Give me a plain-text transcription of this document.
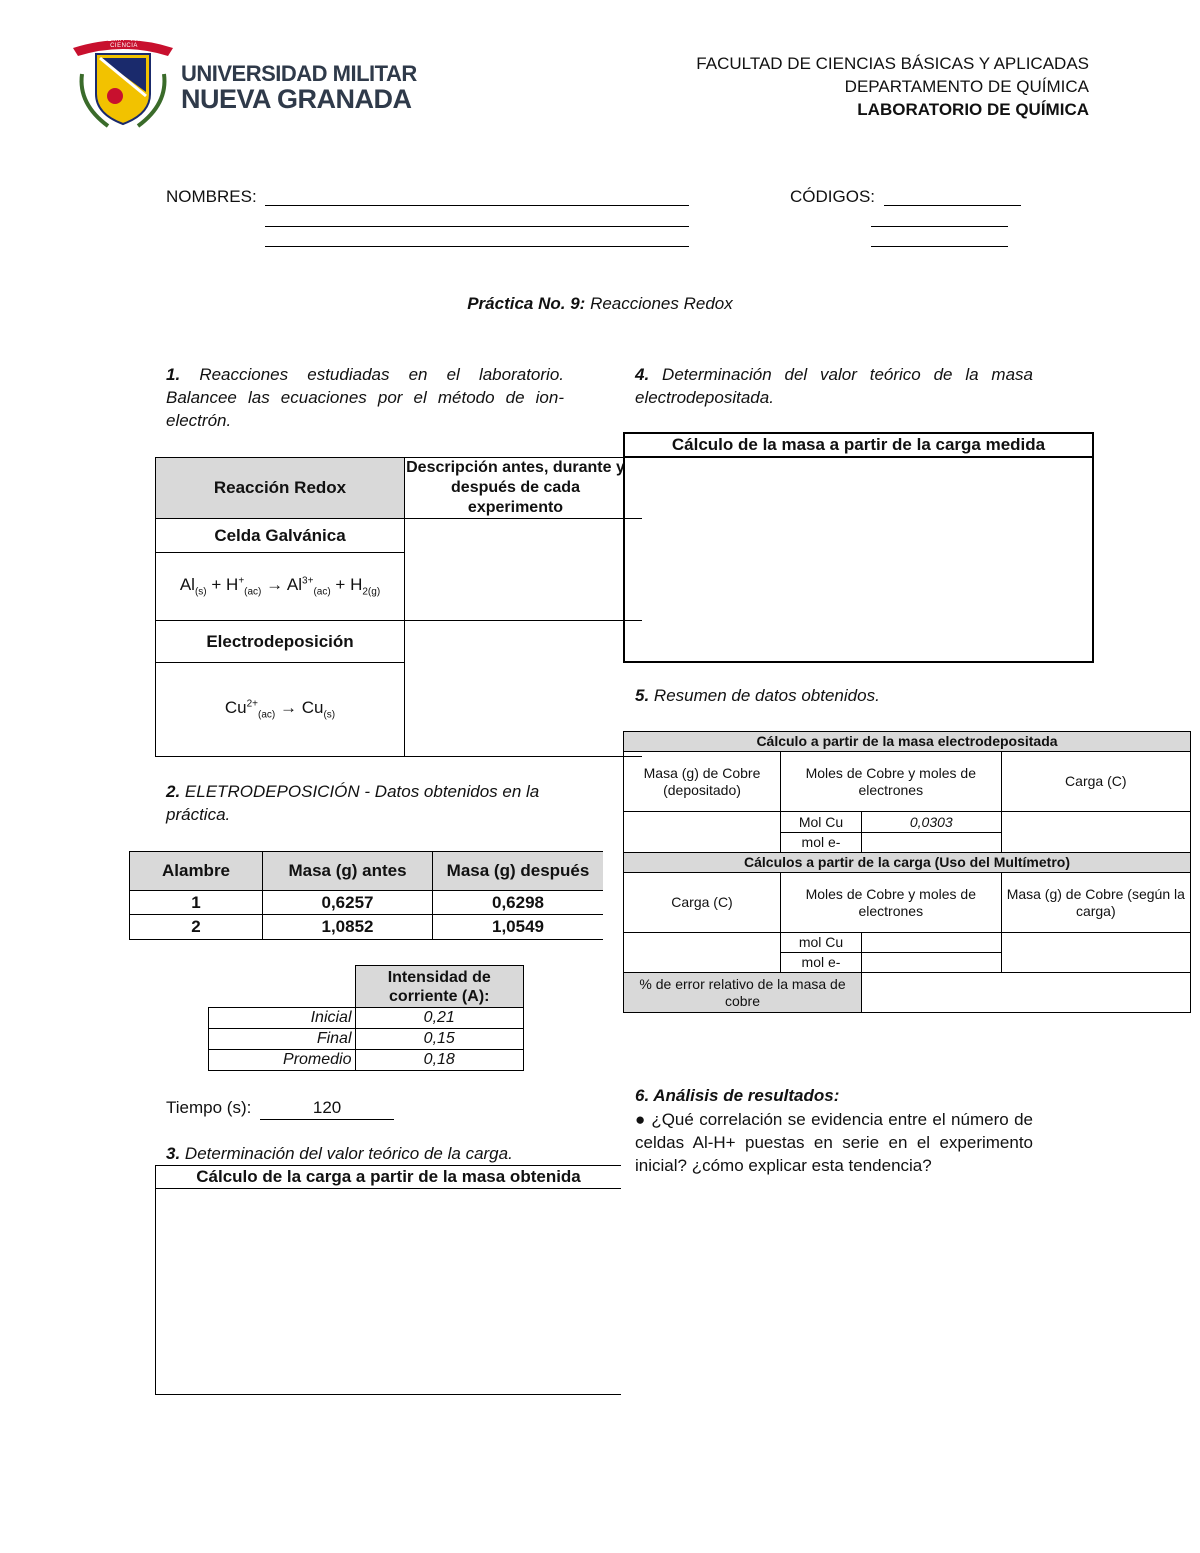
ACADEMIA · PATRIA · CIENCIA
UNIVERSIDAD MILITAR
NUEVA GRANADA
FACULTAD DE CIENCIAS BÁSICAS Y APLICADAS
DEPARTAMENTO DE QUÍMICA
LABORATORIO DE QUÍMICA
NOMBRES:	CÓDIGOS:
Práctica No. 9: Reacciones Redox
1. Reacciones estudiadas en el laboratorio. Balancee las ecuaciones por el método de ion-electrón.
Reacción Redox
Descripción antes, durante y después de cada experimento
Celda Galvánica
$Al_{(s)} + H^+_{(ac)} \to Al^{3+}_{(ac)} + H_{2(g)}$
Electrodeposición
$Cu^{2+}_{(ac)} \to Cu_{(s)}$
2. ELETRODEPOSICIÓN - Datos obtenidos en la práctica.
Alambre	Masa (g) antes	Masa (g) después
1	0,6257	0,6298
2	1,0852	1,0549
	Intensidad de corriente (A):
Inicial	0,21
Final	0,15
Promedio	0,18
Tiempo (s):	120
3. Determinación del valor teórico de la carga.
Cálculo de la carga a partir de la masa obtenida
4. Determinación del valor teórico de la masa electrodepositada.
Cálculo de la masa a partir de la carga medida
5. Resumen de datos obtenidos.
Cálculo a partir de la masa electrodepositada			
Masa (g) de Cobre (depositado)	Moles de Cobre y moles de electrones		Carga (C)
	Mol Cu	0,0303	
	mol e-		
Cálculos a partir de la carga (Uso del Multímetro)			
Carga (C)	Moles de Cobre y moles de electrones		Masa (g) de Cobre (según la carga)
	mol Cu		
	mol e-		
% de error relativo de la masa de cobre			
6. Análisis de resultados:
● ¿Qué correlación se evidencia entre el número de celdas Al-H+ puestas en serie en el experimento inicial? ¿cómo explicar esta tendencia?
